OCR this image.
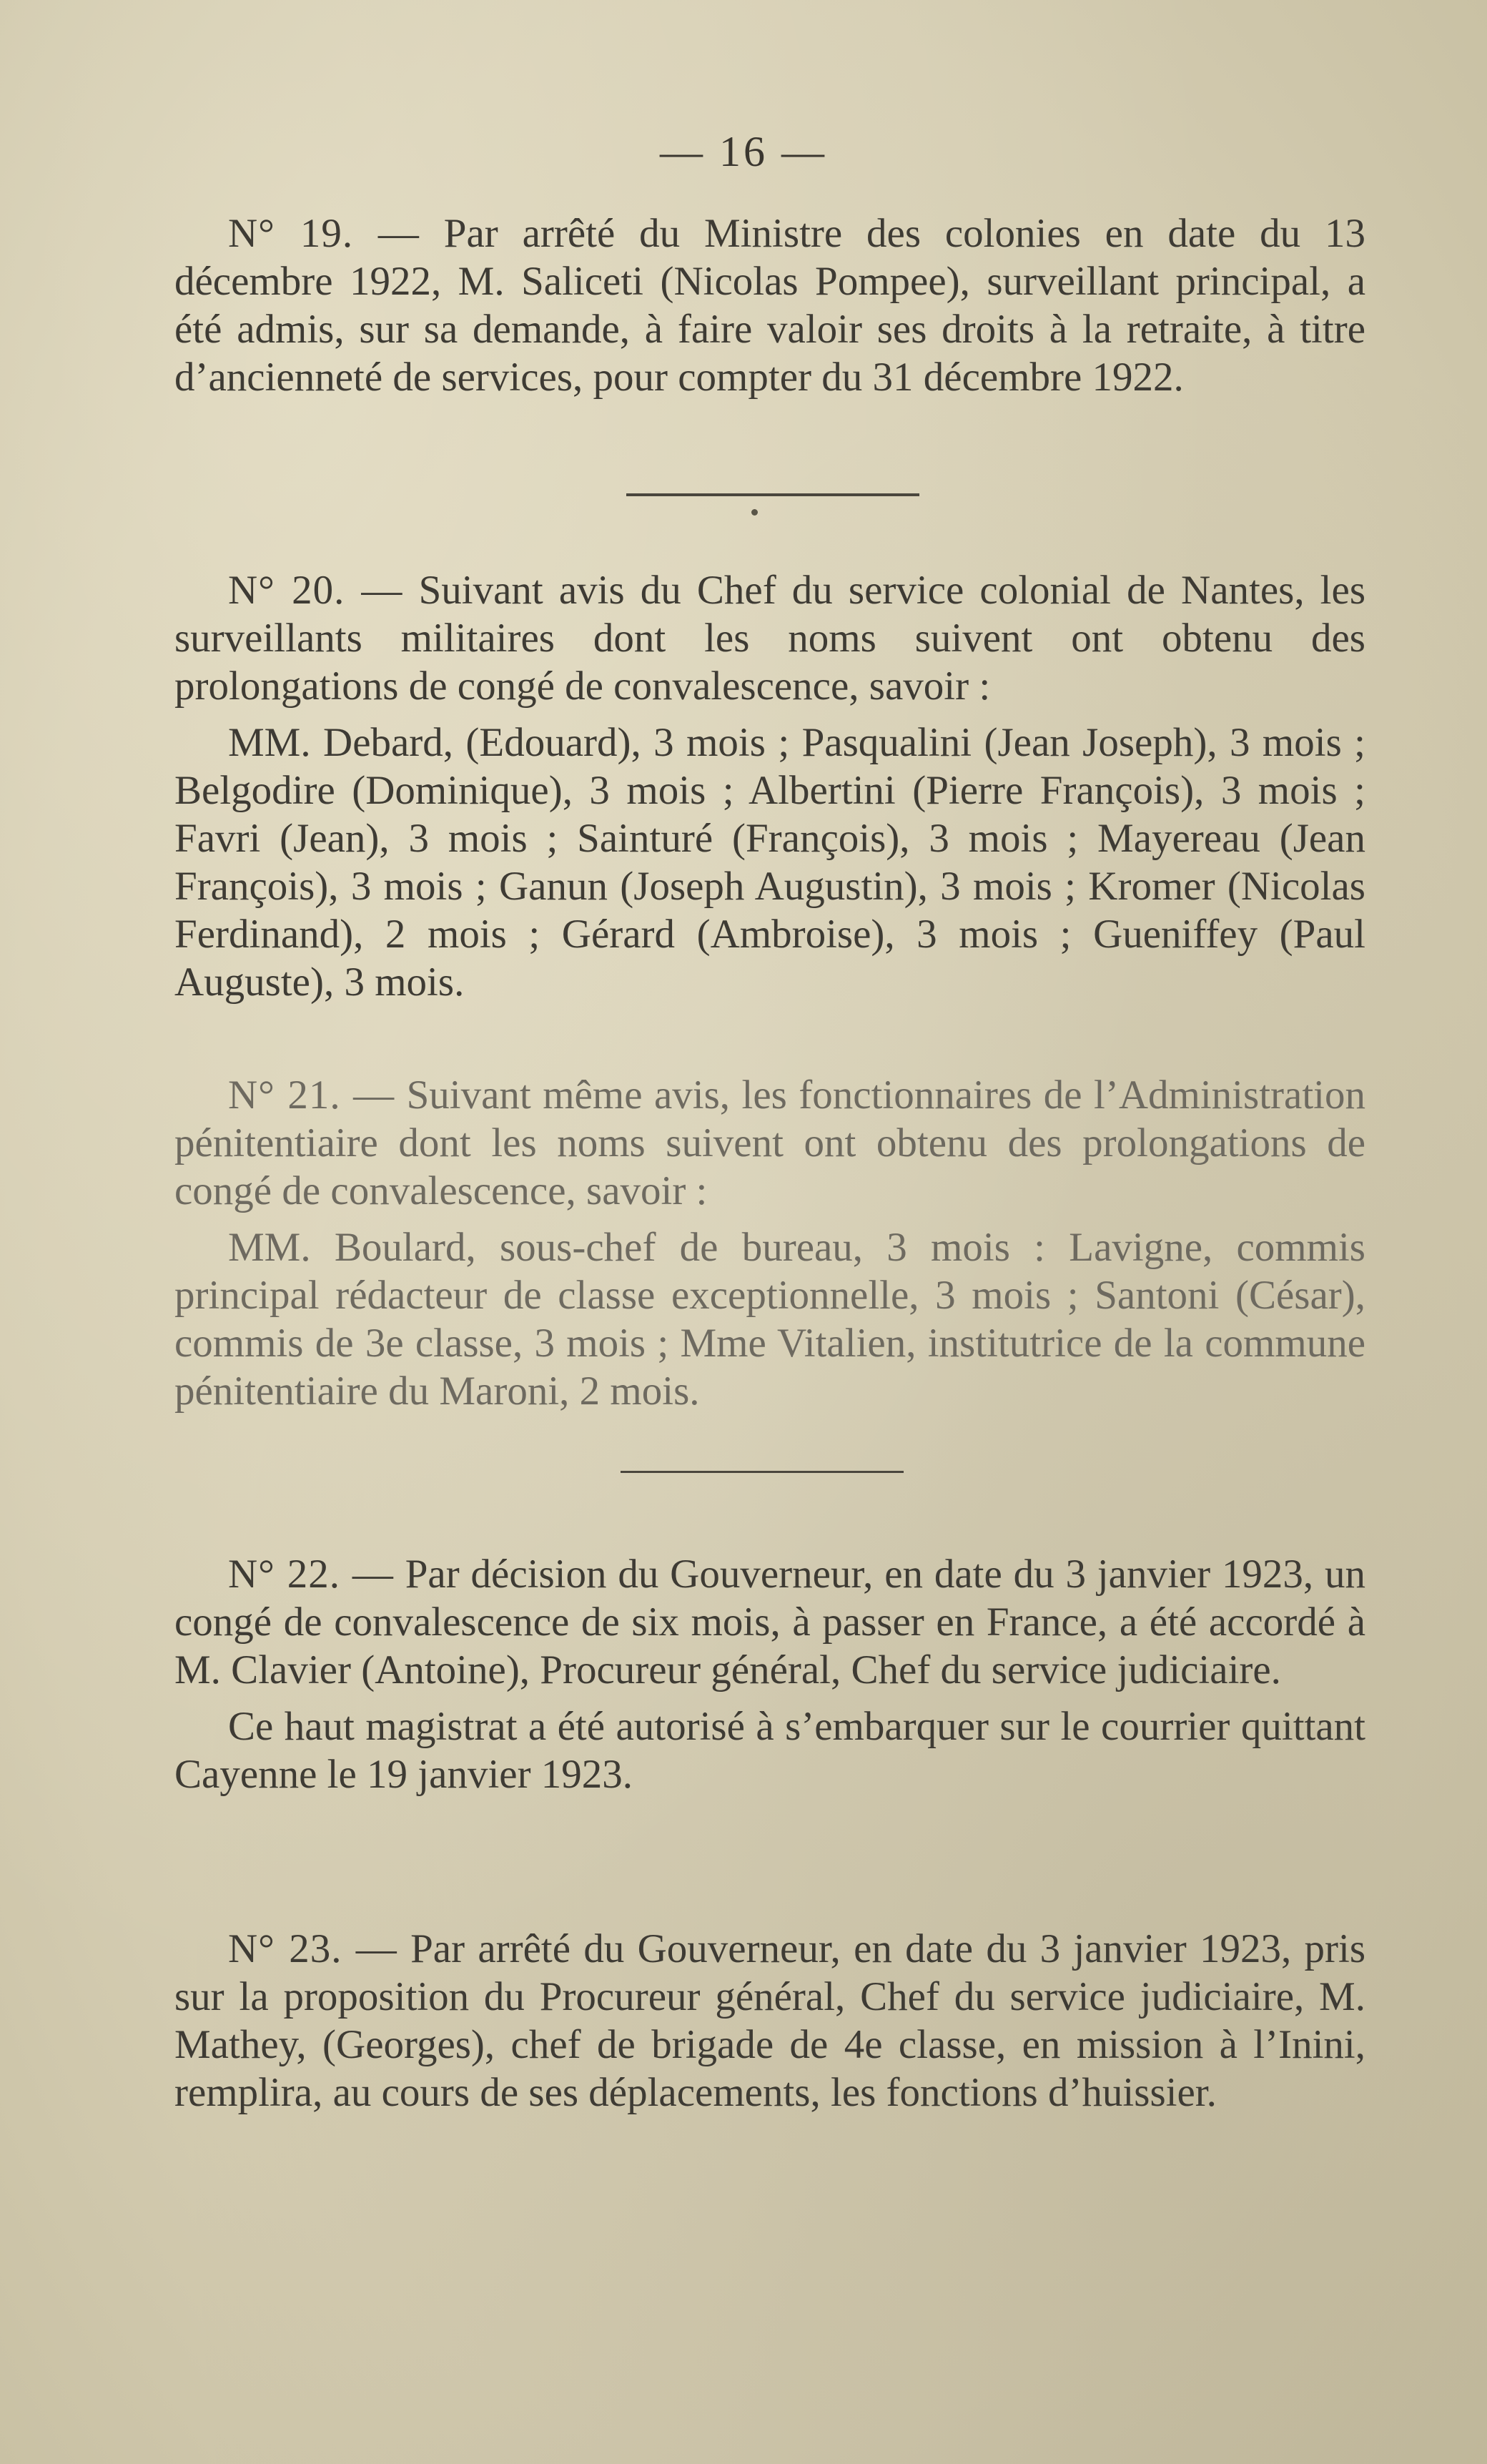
— 16 —

N° 19. — Par arrêté du Ministre des colonies en date du 13 décembre 1922, M. Saliceti (Nicolas Pompee), surveillant principal, a été admis, sur sa demande, à faire valoir ses droits à la retraite, à titre d’ancienneté de services, pour compter du 31 décembre 1922.

N° 20. — Suivant avis du Chef du service colonial de Nantes, les surveillants militaires dont les noms suivent ont obtenu des prolongations de congé de convalescence, savoir :

MM. Debard, (Edouard), 3 mois ; Pasqualini (Jean Joseph), 3 mois ; Belgodire (Dominique), 3 mois ; Albertini (Pierre François), 3 mois ; Favri (Jean), 3 mois ; Sainturé (François), 3 mois ; Mayereau (Jean François), 3 mois ; Ganun (Joseph Augustin), 3 mois ; Kromer (Nicolas Ferdinand), 2 mois ; Gérard (Ambroise), 3 mois ; Gueniffey (Paul Auguste), 3 mois.

N° 21. — Suivant même avis, les fonctionnaires de l’Administration pénitentiaire dont les noms suivent ont obtenu des prolongations de congé de convalescence, savoir :

MM. Boulard, sous-chef de bureau, 3 mois : Lavigne, commis principal rédacteur de classe exceptionnelle, 3 mois ; Santoni (César), commis de 3e classe, 3 mois ; Mme Vitalien, institutrice de la commune pénitentiaire du Maroni, 2 mois.

N° 22. — Par décision du Gouverneur, en date du 3 janvier 1923, un congé de convalescence de six mois, à passer en France, a été accordé à M. Clavier (Antoine), Procureur général, Chef du service judiciaire.

Ce haut magistrat a été autorisé à s’embarquer sur le courrier quittant Cayenne le 19 janvier 1923.

N° 23. — Par arrêté du Gouverneur, en date du 3 janvier 1923, pris sur la proposition du Procureur général, Chef du service judiciaire, M. Mathey, (Georges), chef de brigade de 4e classe, en mission à l’Inini, remplira, au cours de ses déplacements, les fonctions d’huissier.
